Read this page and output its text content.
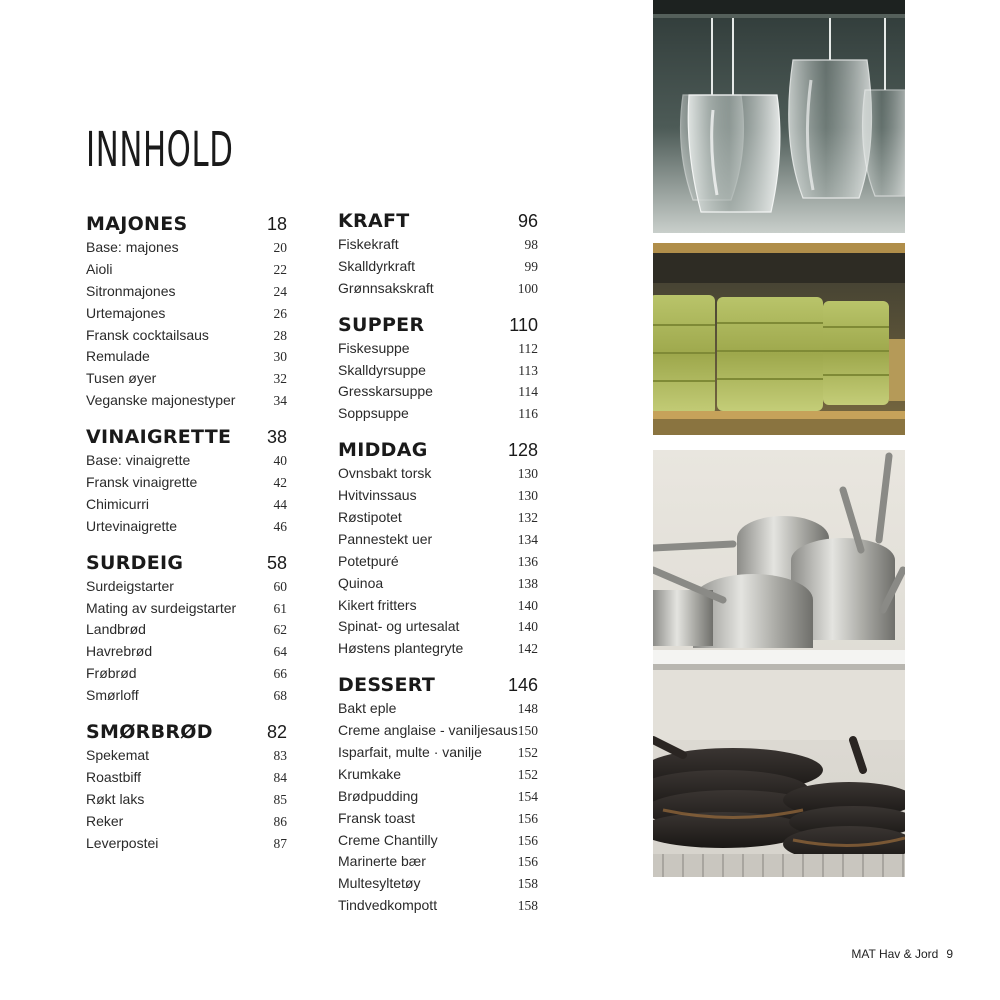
INNHOLD
MAJONES	18
Base: majones	20
Aioli	22
Sitronmajones	24
Urtemajones	26
Fransk cocktailsaus	28
Remulade	30
Tusen øyer	32
Veganske majonestyper	34
VINAIGRETTE 38
Base: vinaigrette	40
Fransk vinaigrette	42
Chimicurri	44
Urtevinaigrette	46
SURDEIG	58
Surdeigstarter	60
Mating av surdeigstarter	61
Landbrød	62
Havrebrød	64
Frøbrød	66
Smørloff	68
SMØRBRØD	82
Spekemat	83
Roastbiff	84
Røkt laks	85
Reker	86
Leverpostei	87
KRAFT	96
Fiskekraft	98
Skalldyrkraft	99
Grønnsakskraft	100
SUPPER	110
Fiskesuppe	112
Skalldyrsuppe	113
Gresskarsuppe	114
Soppsuppe	116
MIDDAG	128
Ovnsbakt torsk	130
Hvitvinssaus	130
Røstipotet	132
Pannestekt uer	134
Potetpuré	136
Quinoa	138
Kikert fritters	140
Spinat- og urtesalat	140
Høstens plantegryte	142
DESSERT	146
Bakt eple	148
Creme anglaise - vaniljesaus 150
Isparfait, multe · vanilje	152
Krumkake	152
Brødpudding	154
Fransk toast	156
Creme Chantilly	156
Marinerte bær	156
Multesyltetøy	158
Tindvedkompott	158
MAT Hav & Jord 9
